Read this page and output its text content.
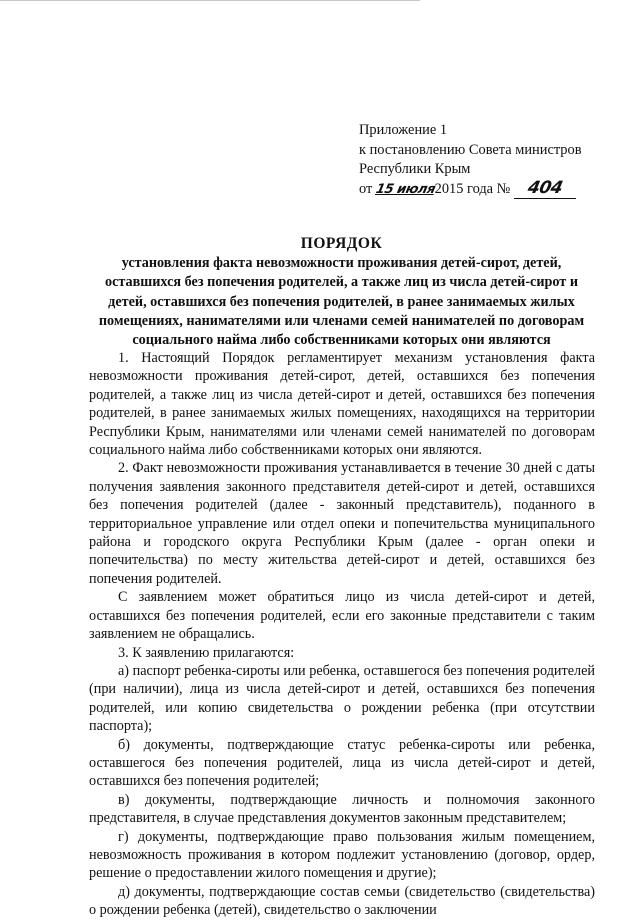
Приложение 1
к постановлению Совета министров
Республики Крым
от 15 июля2015 года № 404
ПОРЯДОК
установления факта невозможности проживания детей-сирот, детей, оставшихся без попечения родителей, а также лиц из числа детей-сирот и детей, оставшихся без попечения родителей, в ранее занимаемых жилых помещениях, нанимателями или членами семей нанимателей по договорам социального найма либо собственниками которых они являются

1. Настоящий Порядок регламентирует механизм установления факта невозможности проживания детей-сирот, детей, оставшихся без попечения родителей, а также лиц из числа детей-сирот и детей, оставшихся без попечения родителей, в ранее занимаемых жилых помещениях, находящихся на территории Республики Крым, нанимателями или членами семей нанимателей по договорам социального найма либо собственниками которых они являются.

2. Факт невозможности проживания устанавливается в течение 30 дней с даты получения заявления законного представителя детей-сирот и детей, оставшихся без попечения родителей (далее - законный представитель), поданного в территориальное управление или отдел опеки и попечительства муниципального района и городского округа Республики Крым (далее - орган опеки и попечительства) по месту жительства детей-сирот и детей, оставшихся без попечения родителей.

С заявлением может обратиться лицо из числа детей-сирот и детей, оставшихся без попечения родителей, если его законные представители с таким заявлением не обращались.

3. К заявлению прилагаются:

а) паспорт ребенка-сироты или ребенка, оставшегося без попечения родителей (при наличии), лица из числа детей-сирот и детей, оставшихся без попечения родителей, или копию свидетельства о рождении ребенка (при отсутствии паспорта);

б) документы, подтверждающие статус ребенка-сироты или ребенка, оставшегося без попечения родителей, лица из числа детей-сирот и детей, оставшихся без попечения родителей;

в) документы, подтверждающие личность и полномочия законного представителя, в случае представления документов законным представителем;

г) документы, подтверждающие право пользования жилым помещением, невозможность проживания в котором подлежит установлению (договор, ордер, решение о предоставлении жилого помещения и другие);

д) документы, подтверждающие состав семьи (свидетельство (свидетельства) о рождении ребенка (детей), свидетельство о заключении
